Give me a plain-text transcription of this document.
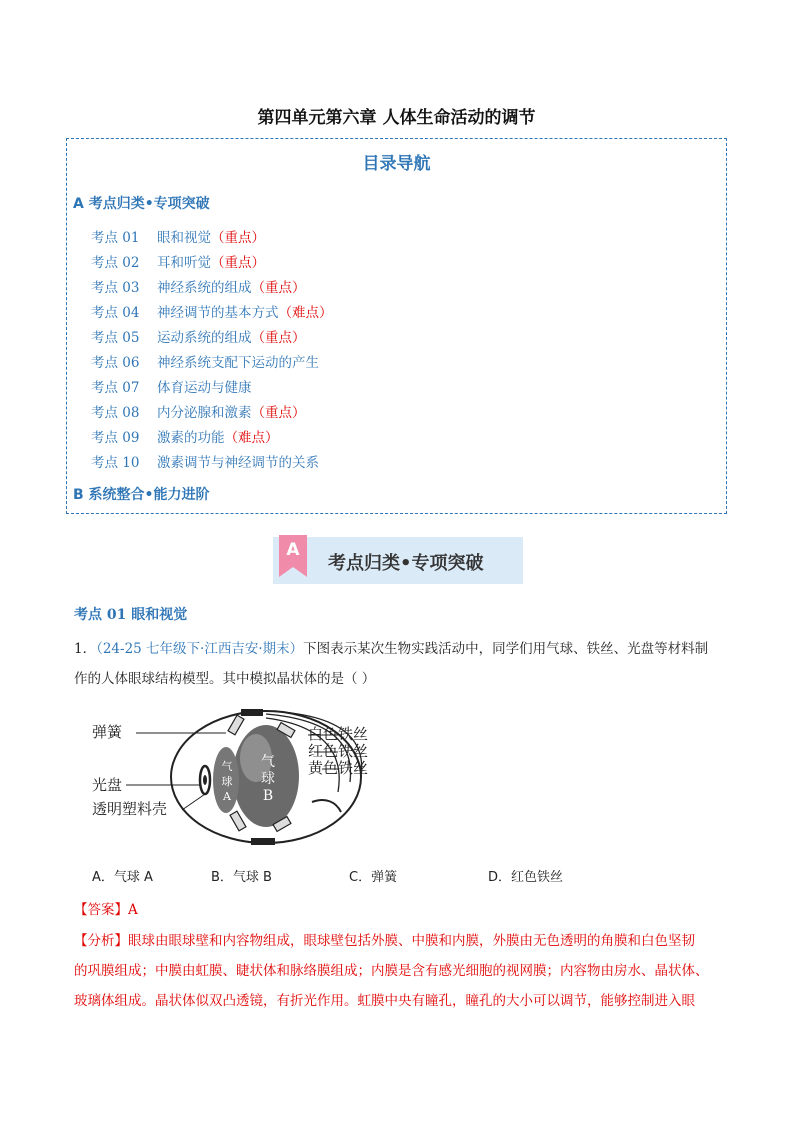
第四单元第六章 人体生命活动的调节
目录导航
A 考点归类•专项突破
考点 01 眼和视觉（重点）
考点 02 耳和听觉（重点）
考点 03 神经系统的组成（重点）
考点 04 神经调节的基本方式（难点）
考点 05 运动系统的组成（重点）
考点 06 神经系统支配下运动的产生
考点 07 体育运动与健康
考点 08 内分泌腺和激素（重点）
考点 09 激素的功能（难点）
考点 10 激素调节与神经调节的关系
B 系统整合•能力进阶
A
考点归类•专项突破
考点 01 眼和视觉
1．（24-25 七年级下·江西吉安·期末）下图表示某次生物实践活动中，同学们用气球、铁丝、光盘等材料制
作的人体眼球结构模型。其中模拟晶状体的是（ ）
弹簧
光盘
透明塑料壳
白色铁丝
红色铁丝
黄色铁丝
气
球
A
气
球
B
A．气球 A	B．气球 B	C．弹簧	D．红色铁丝
【答案】A
【分析】眼球由眼球壁和内容物组成，眼球壁包括外膜、中膜和内膜，外膜由无色透明的角膜和白色坚韧
的巩膜组成；中膜由虹膜、睫状体和脉络膜组成；内膜是含有感光细胞的视网膜；内容物由房水、晶状体、
玻璃体组成。晶状体似双凸透镜，有折光作用。虹膜中央有瞳孔，瞳孔的大小可以调节，能够控制进入眼
